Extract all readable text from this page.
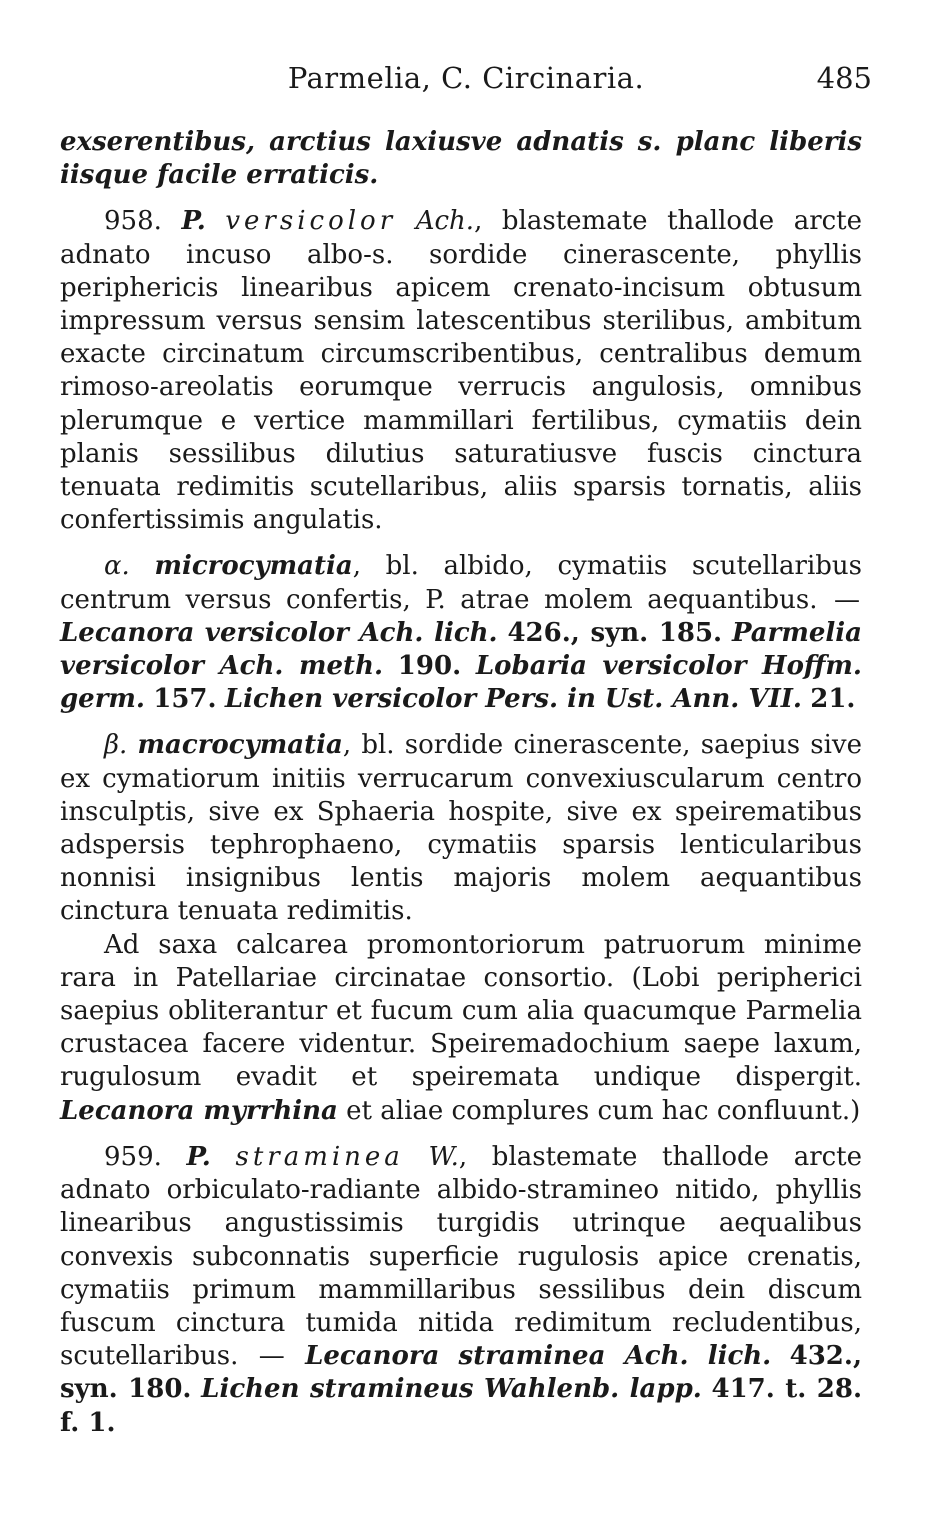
Parmelia, C. Circinaria.	485

exserentibus, arctius laxiusve adnatis s. planc liberis iisque facile erraticis.

958. P. versicolor Ach., blastemate thallode arcte adnato incuso albo-s. sordide cinerascente, phyllis periphericis linearibus apicem crenato-incisum obtusum impressum versus sensim latescentibus sterilibus, ambitum exacte circinatum circumscribentibus, centralibus demum rimoso-areolatis eorumque verrucis angulosis, omnibus plerumque e vertice mammillari fertilibus, cymatiis dein planis sessilibus dilutius saturatiusve fuscis cinctura tenuata redimitis scutellaribus, aliis sparsis tornatis, aliis confertissimis angulatis.

α. microcymatia, bl. albido, cymatiis scutellaribus centrum versus confertis, P. atrae molem aequantibus. — Lecanora versicolor Ach. lich. 426., syn. 185. Parmelia versicolor Ach. meth. 190. Lobaria versicolor Hoffm. germ. 157. Lichen versicolor Pers. in Ust. Ann. VII. 21.

β. macrocymatia, bl. sordide cinerascente, saepius sive ex cymatiorum initiis verrucarum convexiuscularum centro insculptis, sive ex Sphaeria hospite, sive ex speirematibus adspersis tephrophaeno, cymatiis sparsis lenticularibus nonnisi insignibus lentis majoris molem aequantibus cinctura tenuata redimitis.

Ad saxa calcarea promontoriorum patruorum minime rara in Patellariae circinatae consortio. (Lobi peripherici saepius obliterantur et fucum cum alia quacumque Parmelia crustacea facere videntur. Speiremadochium saepe laxum, rugulosum evadit et speiremata undique dispergit. Lecanora myrrhina et aliae complures cum hac confluunt.)

959. P. straminea W., blastemate thallode arcte adnato orbiculato-radiante albido-stramineo nitido, phyllis linearibus angustissimis turgidis utrinque aequalibus convexis subconnatis superficie rugulosis apice crenatis, cymatiis primum mammillaribus sessilibus dein discum fuscum cinctura tumida nitida redimitum recludentibus, scutellaribus. — Lecanora straminea Ach. lich. 432., syn. 180. Lichen stramineus Wahlenb. lapp. 417. t. 28. f. 1.
